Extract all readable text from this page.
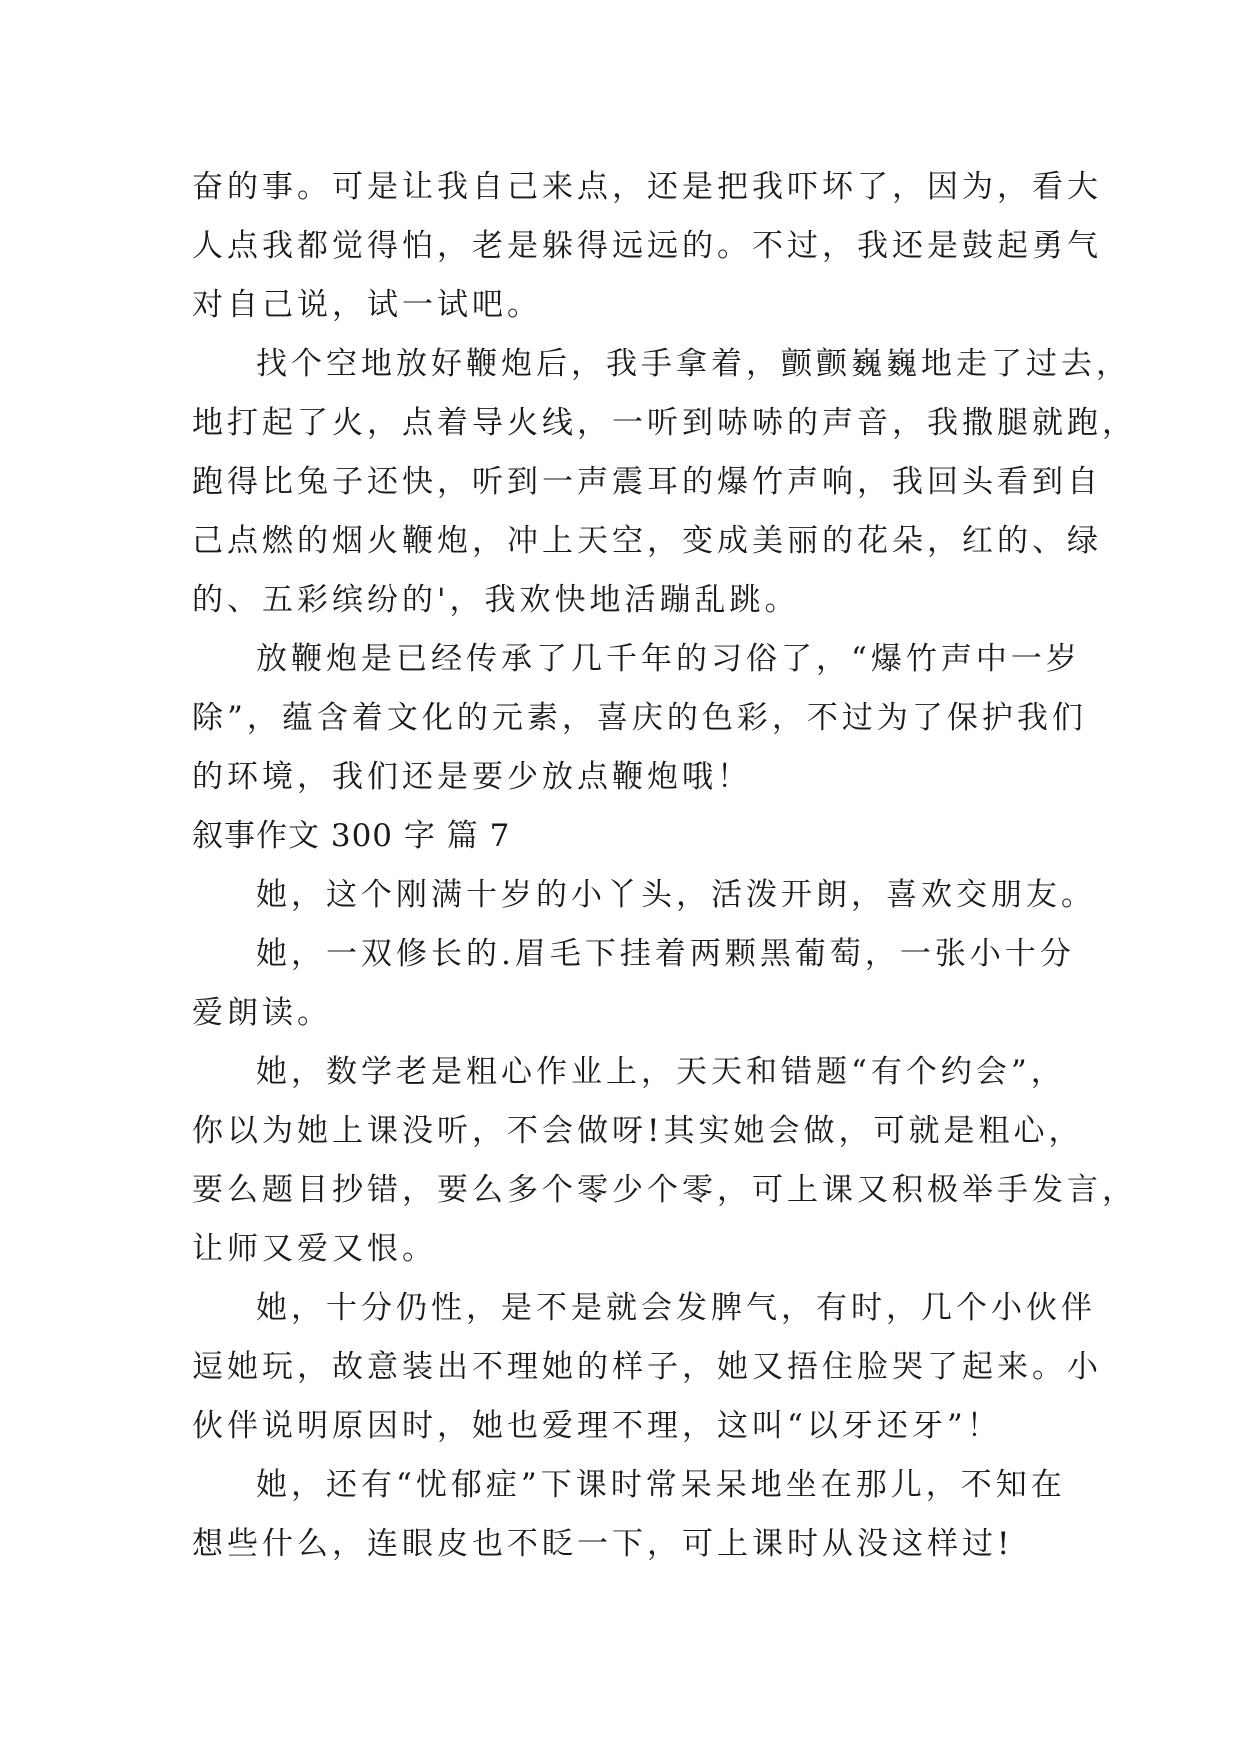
奋的事。可是让我自己来点，还是把我吓坏了，因为，看大
人点我都觉得怕，老是躲得远远的。不过，我还是鼓起勇气
对自己说，试一试吧。
找个空地放好鞭炮后，我手拿着，颤颤巍巍地走了过去，
地打起了火，点着导火线，一听到哧哧的声音，我撒腿就跑，
跑得比兔子还快，听到一声震耳的爆竹声响，我回头看到自
己点燃的烟火鞭炮，冲上天空，变成美丽的花朵，红的、绿
的、五彩缤纷的'，我欢快地活蹦乱跳。
放鞭炮是已经传承了几千年的习俗了，“爆竹声中一岁
除”，蕴含着文化的元素，喜庆的色彩，不过为了保护我们
的环境，我们还是要少放点鞭炮哦！
叙事作文 300 字 篇 7
她，这个刚满十岁的小丫头，活泼开朗，喜欢交朋友。
她，一双修长的.眉毛下挂着两颗黑葡萄，一张小十分
爱朗读。
她，数学老是粗心作业上，天天和错题“有个约会”，
你以为她上课没听，不会做呀!其实她会做，可就是粗心，
要么题目抄错，要么多个零少个零，可上课又积极举手发言，
让师又爱又恨。
她，十分仍性，是不是就会发脾气，有时，几个小伙伴
逗她玩，故意装出不理她的样子，她又捂住脸哭了起来。小
伙伴说明原因时，她也爱理不理，这叫“以牙还牙”！
她，还有“忧郁症”下课时常呆呆地坐在那儿，不知在
想些什么，连眼皮也不眨一下，可上课时从没这样过!
